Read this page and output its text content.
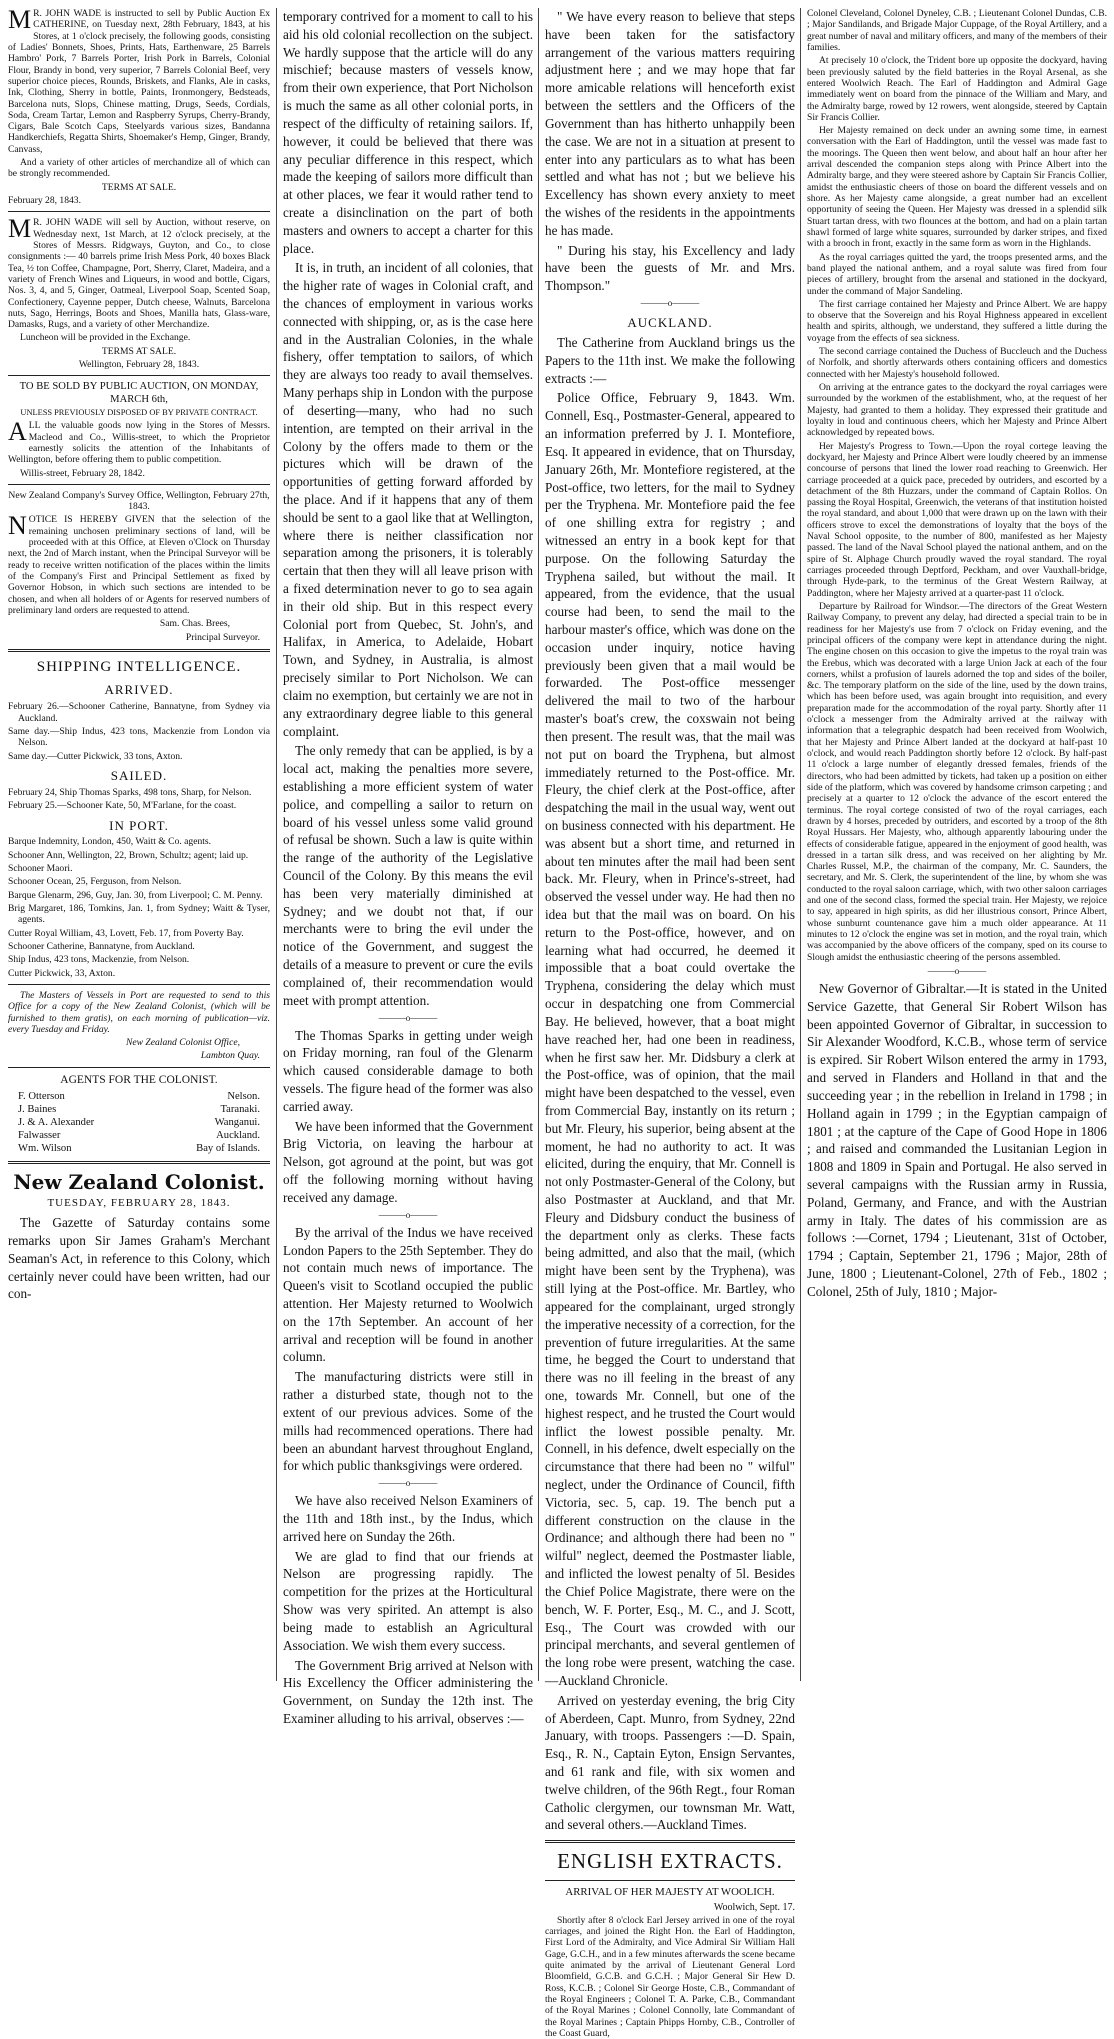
MR. JOHN WADE is instructed to sell by Public Auction Ex CATHERINE, on Tuesday next, 28th February, 1843, at his Stores, at 1 o'clock precisely, the following goods, consisting of Ladies' Bonnets, Shoes, Prints, Hats, Earthenware, 25 Barrels Hambro' Pork, 7 Barrels Porter, Irish Pork in Barrels, Colonial Flour, Brandy in bond, very superior, 7 Barrels Colonial Beef, very superior choice pieces, Rounds, Briskets, and Flanks, Ale in casks, Ink, Clothing, Sherry in bottle, Paints, Ironmongery, Bedsteads, Barcelona nuts, Slops, Chinese matting, Drugs, Seeds, Cordials, Soda, Cream Tartar, Lemon and Raspberry Syrups, Cherry-Brandy, Cigars, Bale Scotch Caps, Steelyards various sizes, Bandanna Handkerchiefs, Regatta Shirts, Shoemaker's Hemp, Ginger, Brandy, Canvass,

And a variety of other articles of merchandize all of which can be strongly recommended.

TERMS AT SALE.

February 28, 1843.

MR. JOHN WADE will sell by Auction, without reserve, on Wednesday next, 1st March, at 12 o'clock precisely, at the Stores of Messrs. Ridgways, Guyton, and Co., to close consignments :— 40 barrels prime Irish Mess Pork, 40 boxes Black Tea, ½ ton Coffee, Champagne, Port, Sherry, Claret, Madeira, and a variety of French Wines and Liqueurs, in wood and bottle, Cigars, Nos. 3, 4, and 5, Ginger, Oatmeal, Liverpool Soap, Scented Soap, Confectionery, Cayenne pepper, Dutch cheese, Walnuts, Barcelona nuts, Sago, Herrings, Boots and Shoes, Manilla hats, Glass-ware, Damasks, Rugs, and a variety of other Merchandize.

Luncheon will be provided in the Exchange.

TERMS AT SALE.

Wellington, February 28, 1843.

TO BE SOLD BY PUBLIC AUCTION, ON MONDAY, MARCH 6th,

UNLESS PREVIOUSLY DISPOSED OF BY PRIVATE CONTRACT.

ALL the valuable goods now lying in the Stores of Messrs. Macleod and Co., Willis-street, to which the Proprietor earnestly solicits the attention of the Inhabitants of Wellington, before offering them to public competition.

Willis-street, February 28, 1842.

New Zealand Company's Survey Office, Wellington, February 27th, 1843.

NOTICE IS HEREBY GIVEN that the selection of the remaining unchosen preliminary sections of land, will be proceeded with at this Office, at Eleven o'Clock on Thursday next, the 2nd of March instant, when the Principal Surveyor will be ready to receive written notification of the places within the limits of the Company's First and Principal Settlement as fixed by Governor Hobson, in which such sections are intended to be chosen, and when all holders of or Agents for reserved numbers of preliminary land orders are requested to attend.

Sam. Chas. Brees,

Principal Surveyor.

SHIPPING INTELLIGENCE.
ARRIVED.

February 26.—Schooner Catherine, Bannatyne, from Sydney via Auckland.

Same day.—Ship Indus, 423 tons, Mackenzie from London via Nelson.

Same day.—Cutter Pickwick, 33 tons, Axton.

SAILED.

February 24, Ship Thomas Sparks, 498 tons, Sharp, for Nelson.

February 25.—Schooner Kate, 50, M'Farlane, for the coast.

IN PORT.

Barque Indemnity, London, 450, Waitt & Co. agents.

Schooner Ann, Wellington, 22, Brown, Schultz; agent; laid up.

Schooner Maori.

Schooner Ocean, 25, Ferguson, from Nelson.

Barque Glenarm, 296, Guy, Jan. 30, from Liverpool; C. M. Penny.

Brig Margaret, 186, Tomkins, Jan. 1, from Sydney; Waitt & Tyser, agents.

Cutter Royal William, 43, Lovett, Feb. 17, from Poverty Bay.

Schooner Catherine, Bannatyne, from Auckland.

Ship Indus, 423 tons, Mackenzie, from Nelson.

Cutter Pickwick, 33, Axton.

The Masters of Vessels in Port are requested to send to this Office for a copy of the New Zealand Colonist, (which will be furnished to them gratis), on each morning of publication—viz. every Tuesday and Friday.

New Zealand Colonist Office,

Lambton Quay.

AGENTS FOR THE COLONIST.
F. Otterson	Nelson.
J. Baines	Taranaki.
J. & A. Alexander	Wanganui.
Falwasser	Auckland.
Wm. Wilson	Bay of Islands.
New Zealand Colonist.
TUESDAY, FEBRUARY 28, 1843.

The Gazette of Saturday contains some remarks upon Sir James Graham's Merchant Seaman's Act, in reference to this Colony, which certainly never could have been written, had our con-

temporary contrived for a moment to call to his aid his old colonial recollection on the subject. We hardly suppose that the article will do any mischief; because masters of vessels know, from their own experience, that Port Nicholson is much the same as all other colonial ports, in respect of the difficulty of retaining sailors. If, however, it could be believed that there was any peculiar difference in this respect, which made the keeping of sailors more difficult than at other places, we fear it would rather tend to create a disinclination on the part of both masters and owners to accept a charter for this place.

It is, in truth, an incident of all colonies, that the higher rate of wages in Colonial craft, and the chances of employment in various works connected with shipping, or, as is the case here and in the Australian Colonies, in the whale fishery, offer temptation to sailors, of which they are always too ready to avail themselves. Many perhaps ship in London with the purpose of deserting—many, who had no such intention, are tempted on their arrival in the Colony by the offers made to them or the pictures which will be drawn of the opportunities of getting forward afforded by the place. And if it happens that any of them should be sent to a gaol like that at Wellington, where there is neither classification nor separation among the prisoners, it is tolerably certain that then they will all leave prison with a fixed determination never to go to sea again in their old ship. But in this respect every Colonial port from Quebec, St. John's, and Halifax, in America, to Adelaide, Hobart Town, and Sydney, in Australia, is almost precisely similar to Port Nicholson. We can claim no exemption, but certainly we are not in any extraordinary degree liable to this general complaint.

The only remedy that can be applied, is by a local act, making the penalties more severe, establishing a more efficient system of water police, and compelling a sailor to return on board of his vessel unless some valid ground of refusal be shown. Such a law is quite within the range of the authority of the Legislative Council of the Colony. By this means the evil has been very materially diminished at Sydney; and we doubt not that, if our merchants were to bring the evil under the notice of the Government, and suggest the details of a measure to prevent or cure the evils complained of, their recommendation would meet with prompt attention.

———o———

The Thomas Sparks in getting under weigh on Friday morning, ran foul of the Glenarm which caused considerable damage to both vessels. The figure head of the former was also carried away.

We have been informed that the Government Brig Victoria, on leaving the harbour at Nelson, got aground at the point, but was got off the following morning without having received any damage.

———o———

By the arrival of the Indus we have received London Papers to the 25th September. They do not contain much news of importance. The Queen's visit to Scotland occupied the public attention. Her Majesty returned to Woolwich on the 17th September. An account of her arrival and reception will be found in another column.

The manufacturing districts were still in rather a disturbed state, though not to the extent of our previous advices. Some of the mills had recommenced operations. There had been an abundant harvest throughout England, for which public thanksgivings were ordered.

———o———

We have also received Nelson Examiners of the 11th and 18th inst., by the Indus, which arrived here on Sunday the 26th.

We are glad to find that our friends at Nelson are progressing rapidly. The competition for the prizes at the Horticultural Show was very spirited. An attempt is also being made to establish an Agricultural Association. We wish them every success.

The Government Brig arrived at Nelson with His Excellency the Officer administering the Government, on Sunday the 12th inst. The Examiner alluding to his arrival, observes :—

" We have every reason to believe that steps have been taken for the satisfactory arrangement of the various matters requiring adjustment here ; and we may hope that far more amicable relations will henceforth exist between the settlers and the Officers of the Government than has hitherto unhappily been the case. We are not in a situation at present to enter into any particulars as to what has been settled and what has not ; but we believe his Excellency has shown every anxiety to meet the wishes of the residents in the appointments he has made.

" During his stay, his Excellency and lady have been the guests of Mr. and Mrs. Thompson."

———o———
AUCKLAND.

The Catherine from Auckland brings us the Papers to the 11th inst. We make the following extracts :—

Police Office, February 9, 1843. Wm. Connell, Esq., Postmaster-General, appeared to an information preferred by J. I. Montefiore, Esq. It appeared in evidence, that on Thursday, January 26th, Mr. Montefiore registered, at the Post-office, two letters, for the mail to Sydney per the Tryphena. Mr. Montefiore paid the fee of one shilling extra for registry ; and witnessed an entry in a book kept for that purpose. On the following Saturday the Tryphena sailed, but without the mail. It appeared, from the evidence, that the usual course had been, to send the mail to the harbour master's office, which was done on the occasion under inquiry, notice having previously been given that a mail would be forwarded. The Post-office messenger delivered the mail to two of the harbour master's boat's crew, the coxswain not being then present. The result was, that the mail was not put on board the Tryphena, but almost immediately returned to the Post-office. Mr. Fleury, the chief clerk at the Post-office, after despatching the mail in the usual way, went out on business connected with his department. He was absent but a short time, and returned in about ten minutes after the mail had been sent back. Mr. Fleury, when in Prince's-street, had observed the vessel under way. He had then no idea but that the mail was on board. On his return to the Post-office, however, and on learning what had occurred, he deemed it impossible that a boat could overtake the Tryphena, considering the delay which must occur in despatching one from Commercial Bay. He believed, however, that a boat might have reached her, had one been in readiness, when he first saw her. Mr. Didsbury a clerk at the Post-office, was of opinion, that the mail might have been despatched to the vessel, even from Commercial Bay, instantly on its return ; but Mr. Fleury, his superior, being absent at the moment, he had no authority to act. It was elicited, during the enquiry, that Mr. Connell is not only Postmaster-General of the Colony, but also Postmaster at Auckland, and that Mr. Fleury and Didsbury conduct the business of the department only as clerks. These facts being admitted, and also that the mail, (which might have been sent by the Tryphena), was still lying at the Post-office. Mr. Bartley, who appeared for the complainant, urged strongly the imperative necessity of a correction, for the prevention of future irregularities. At the same time, he begged the Court to understand that there was no ill feeling in the breast of any one, towards Mr. Connell, but one of the highest respect, and he trusted the Court would inflict the lowest possible penalty. Mr. Connell, in his defence, dwelt especially on the circumstance that there had been no " wilful" neglect, under the Ordinance of Council, fifth Victoria, sec. 5, cap. 19. The bench put a different construction on the clause in the Ordinance; and although there had been no " wilful" neglect, deemed the Postmaster liable, and inflicted the lowest penalty of 5l. Besides the Chief Police Magistrate, there were on the bench, W. F. Porter, Esq., M. C., and J. Scott, Esq., The Court was crowded with our principal merchants, and several gentlemen of the long robe were present, watching the case.—Auckland Chronicle.

Arrived on yesterday evening, the brig City of Aberdeen, Capt. Munro, from Sydney, 22nd January, with troops. Passengers :—D. Spain, Esq., R. N., Captain Eyton, Ensign Servantes, and 61 rank and file, with six women and twelve children, of the 96th Regt., four Roman Catholic clergymen, our townsman Mr. Watt, and several others.—Auckland Times.

ENGLISH EXTRACTS.
ARRIVAL OF HER MAJESTY AT WOOLICH.
Woolwich, Sept. 17.

Shortly after 8 o'clock Earl Jersey arrived in one of the royal carriages, and joined the Right Hon. the Earl of Haddington, First Lord of the Admiralty, and Vice Admiral Sir William Hall Gage, G.C.H., and in a few minutes afterwards the scene became quite animated by the arrival of Lieutenant General Lord Bloomfield, G.C.B. and G.C.H. ; Major General Sir Hew D. Ross, K.C.B. ; Colonel Sir George Hoste, C.B., Commandant of the Royal Engineers ; Colonel T. A. Parke, C.B., Commandant of the Royal Marines ; Colonel Connolly, late Commandant of the Royal Marines ; Captain Phipps Hornby, C.B., Controller of the Coast Guard,

Colonel Cleveland, Colonel Dyneley, C.B. ; Lieutenant Colonel Dundas, C.B. ; Major Sandilands, and Brigade Major Cuppage, of the Royal Artillery, and a great number of naval and military officers, and many of the members of their families.

At precisely 10 o'clock, the Trident bore up opposite the dockyard, having been previously saluted by the field batteries in the Royal Arsenal, as she entered Woolwich Reach. The Earl of Haddington and Admiral Gage immediately went on board from the pinnace of the William and Mary, and the Admiralty barge, rowed by 12 rowers, went alongside, steered by Captain Sir Francis Collier.

Her Majesty remained on deck under an awning some time, in earnest conversation with the Earl of Haddington, until the vessel was made fast to the moorings. The Queen then went below, and about half an hour after her arrival descended the companion steps along with Prince Albert into the Admiralty barge, and they were steered ashore by Captain Sir Francis Collier, amidst the enthusiastic cheers of those on board the different vessels and on shore. As her Majesty came alongside, a great number had an excellent opportunity of seeing the Queen. Her Majesty was dressed in a splendid silk Stuart tartan dress, with two flounces at the bottom, and had on a plain tartan shawl formed of large white squares, surrounded by darker stripes, and fixed with a brooch in front, exactly in the same form as worn in the Highlands.

As the royal carriages quitted the yard, the troops presented arms, and the band played the national anthem, and a royal salute was fired from four pieces of artillery, brought from the arsenal and stationed in the dockyard, under the command of Major Sandeling.

The first carriage contained her Majesty and Prince Albert. We are happy to observe that the Sovereign and his Royal Highness appeared in excellent health and spirits, although, we understand, they suffered a little during the voyage from the effects of sea sickness.

The second carriage contained the Duchess of Buccleuch and the Duchess of Norfolk, and shortly afterwards others containing officers and domestics connected with her Majesty's household followed.

On arriving at the entrance gates to the dockyard the royal carriages were surrounded by the workmen of the establishment, who, at the request of her Majesty, had granted to them a holiday. They expressed their gratitude and loyalty in loud and continuous cheers, which her Majesty and Prince Albert acknowledged by repeated bows.

Her Majesty's Progress to Town.—Upon the royal cortege leaving the dockyard, her Majesty and Prince Albert were loudly cheered by an immense concourse of persons that lined the lower road reaching to Greenwich. Her carriage proceeded at a quick pace, preceded by outriders, and escorted by a detachment of the 8th Huzzars, under the command of Captain Rollos. On passing the Royal Hospital, Greenwich, the veterans of that institution hoisted the royal standard, and about 1,000 that were drawn up on the lawn with their officers strove to excel the demonstrations of loyalty that the boys of the Naval School opposite, to the number of 800, manifested as her Majesty passed. The land of the Naval School played the national anthem, and on the spire of St. Alphage Church proudly waved the royal standard. The royal carriages proceeded through Deptford, Peckham, and over Vauxhall-bridge, through Hyde-park, to the terminus of the Great Western Railway, at Paddington, where her Majesty arrived at a quarter-past 11 o'clock.

Departure by Railroad for Windsor.—The directors of the Great Western Railway Company, to prevent any delay, had directed a special train to be in readiness for her Majesty's use from 7 o'clock on Friday evening, and the principal officers of the company were kept in attendance during the night. The engine chosen on this occasion to give the impetus to the royal train was the Erebus, which was decorated with a large Union Jack at each of the four corners, whilst a profusion of laurels adorned the top and sides of the boiler, &c. The temporary platform on the side of the line, used by the down trains, which has been before used, was again brought into requisition, and every preparation made for the accommodation of the royal party. Shortly after 11 o'clock a messenger from the Admiralty arrived at the railway with information that a telegraphic despatch had been received from Woolwich, that her Majesty and Prince Albert landed at the dockyard at half-past 10 o'clock, and would reach Paddington shortly before 12 o'clock. By half-past 11 o'clock a large number of elegantly dressed females, friends of the directors, who had been admitted by tickets, had taken up a position on either side of the platform, which was covered by handsome crimson carpeting ; and precisely at a quarter to 12 o'clock the advance of the escort entered the terminus. The royal cortege consisted of two of the royal carriages, each drawn by 4 horses, preceded by outriders, and escorted by a troop of the 8th Royal Hussars. Her Majesty, who, although apparently labouring under the effects of considerable fatigue, appeared in the enjoyment of good health, was dressed in a tartan silk dress, and was received on her alighting by Mr. Charles Russel, M.P., the chairman of the company, Mr. C. Saunders, the secretary, and Mr. S. Clerk, the superintendent of the line, by whom she was conducted to the royal saloon carriage, which, with two other saloon carriages and one of the second class, formed the special train. Her Majesty, we rejoice to say, appeared in high spirits, as did her illustrious consort, Prince Albert, whose sunburnt countenance gave him a much older appearance. At 11 minutes to 12 o'clock the engine was set in motion, and the royal train, which was accompanied by the above officers of the company, sped on its course to Slough amidst the enthusiastic cheering of the persons assembled.

———o———

New Governor of Gibraltar.—It is stated in the United Service Gazette, that General Sir Robert Wilson has been appointed Governor of Gibraltar, in succession to Sir Alexander Woodford, K.C.B., whose term of service is expired. Sir Robert Wilson entered the army in 1793, and served in Flanders and Holland in that and the succeeding year ; in the rebellion in Ireland in 1798 ; in Holland again in 1799 ; in the Egyptian campaign of 1801 ; at the capture of the Cape of Good Hope in 1806 ; and raised and commanded the Lusitanian Legion in 1808 and 1809 in Spain and Portugal. He also served in several campaigns with the Russian army in Russia, Poland, Germany, and France, and with the Austrian army in Italy. The dates of his commission are as follows :—Cornet, 1794 ; Lieutenant, 31st of October, 1794 ; Captain, September 21, 1796 ; Major, 28th of June, 1800 ; Lieutenant-Colonel, 27th of Feb., 1802 ; Colonel, 25th of July, 1810 ; Major-
